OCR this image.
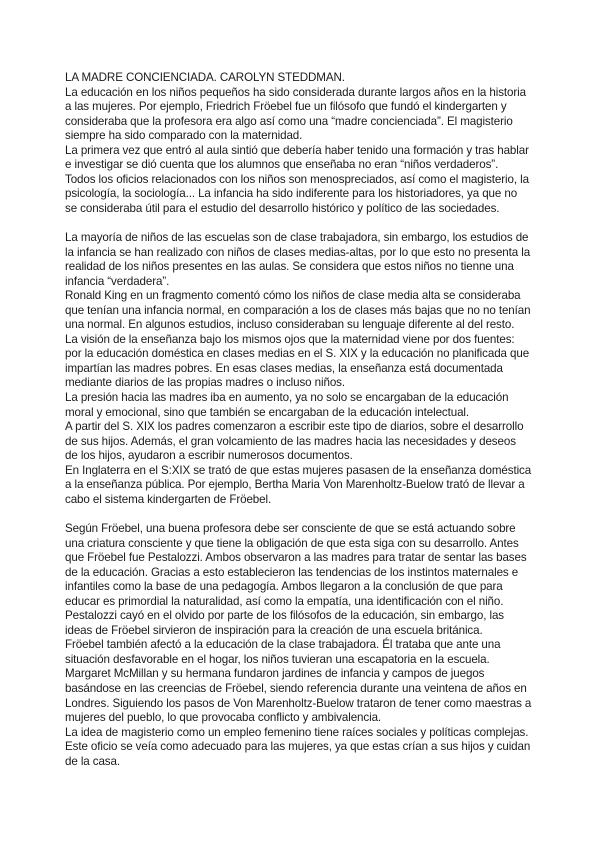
LA MADRE CONCIENCIADA. CAROLYN STEDDMAN.
La educación en los niños pequeños ha sido considerada durante largos años en la historia
a las mujeres. Por ejemplo, Friedrich Fröebel fue un filósofo que fundó el kindergarten y
consideraba que la profesora era algo así como una “madre concienciada”. El magisterio
siempre ha sido comparado con la maternidad.
La primera vez que entró al aula sintió que debería haber tenido una formación y tras hablar
e investigar se dió cuenta que los alumnos que enseñaba no eran “niños verdaderos”.
Todos los oficios relacionados con los niños son menospreciados, así como el magisterio, la
psicología, la sociología... La infancia ha sido indiferente para los historiadores, ya que no
se consideraba útil para el estudio del desarrollo histórico y político de las sociedades.
La mayoría de niños de las escuelas son de clase trabajadora, sin embargo, los estudios de
la infancia se han realizado con niños de clases medias-altas, por lo que esto no presenta la
realidad de los niños presentes en las aulas. Se considera que estos niños no tienne una
infancia “verdadera”.
Ronald King en un fragmento comentó cómo los niños de clase media alta se consideraba
que tenían una infancia normal, en comparación a los de clases más bajas que no no tenían
una normal. En algunos estudios, incluso consideraban su lenguaje diferente al del resto.
La visión de la enseñanza bajo los mismos ojos que la maternidad viene por dos fuentes:
por la educación doméstica en clases medias en el S. XIX y la educación no planificada que
impartían las madres pobres. En esas clases medias, la enseñanza está documentada
mediante diarios de las propias madres o incluso niños.
La presión hacia las madres iba en aumento, ya no solo se encargaban de la educación
moral y emocional, sino que también se encargaban de la educación intelectual.
A partir del S. XIX los padres comenzaron a escribir este tipo de diarios, sobre el desarrollo
de sus hijos. Además, el gran volcamiento de las madres hacia las necesidades y deseos
de los hijos, ayudaron a escribir numerosos documentos.
En Inglaterra en el S:XIX se trató de que estas mujeres pasasen de la enseñanza doméstica
a la enseñanza pública. Por ejemplo, Bertha Maria Von Marenholtz-Buelow trató de llevar a
cabo el sistema kindergarten de Fröebel.
Según Fröebel, una buena profesora debe ser consciente de que se está actuando sobre
una criatura consciente y que tiene la obligación de que esta siga con su desarrollo. Antes
que Fröebel fue Pestalozzi. Ambos observaron a las madres para tratar de sentar las bases
de la educación. Gracias a esto establecieron las tendencias de los instintos maternales e
infantiles como la base de una pedagogía. Ambos llegaron a la conclusión de que para
educar es primordial la naturalidad, así como la empatía, una identificación con el niño.
Pestalozzi cayó en el olvido por parte de los filósofos de la educación, sin embargo, las
ideas de Fröebel sirvieron de inspiración para la creación de una escuela británica.
Fröebel también afectó a la educación de la clase trabajadora. Él trataba que ante una
situación desfavorable en el hogar, los niños tuvieran una escapatoria en la escuela.
Margaret McMillan y su hermana fundaron jardines de infancia y campos de juegos
basándose en las creencias de Fröebel, siendo referencia durante una veintena de años en
Londres. Siguiendo los pasos de Von Marenholtz-Buelow trataron de tener como maestras a
mujeres del pueblo, lo que provocaba conflicto y ambivalencia.
La idea de magisterio como un empleo femenino tiene raíces sociales y políticas complejas.
Este oficio se veía como adecuado para las mujeres, ya que estas crían a sus hijos y cuidan
de la casa.
